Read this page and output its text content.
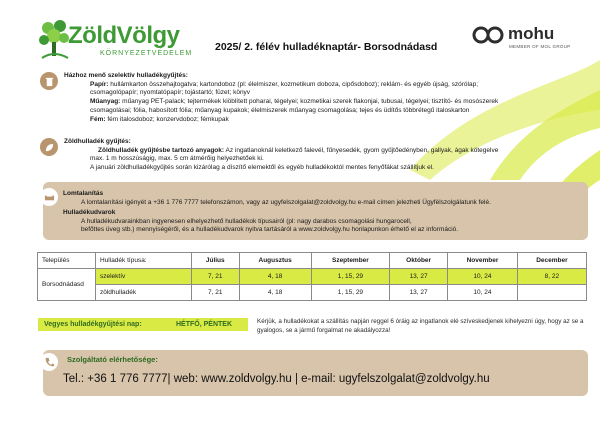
ZöldVölgy
KÖRNYEZETVÉDELEM
2025/ 2. félév hulladéknaptár- Borsodnádasd
mohu
MEMBER OF MOL GROUP
Házhoz menő szelektív hulladékgyűjtés:
Papír: hullámkarton összehajtogatva; kartondoboz (pl: élelmiszer, kozmetikum doboza, cipősdoboz); reklám- és egyéb újság, szórólap;
csomagolópapír; nyomtatópapír; tojástartó; füzet; könyv
Műanyag: műanyag PET-palack; tejtermékek kiöblített poharai, tégelyei; kozmetikai szerek flakonjai, tubusai, tégelyei; tisztító- és mosószerek
csomagolásai; fólia, habosított fólia; műanyag kupakok; élelmiszerek műanyag csomagolása; tejes és üdítős többrétegű italoskarton
Fém: fém italosdoboz; konzervdoboz; fémkupak
Zöldhulladék gyűjtés:
Zöldhulladék gyűjtésbe tartozó anyagok: Az ingatlanoknál keletkező falevél, fűnyesedék, gyom gyűjtőedényben, gallyak, ágak kötegelve
max. 1 m hosszúságig, max. 5 cm átmérőig helyezhetőek ki.
A januári zöldhulladékgyűjtés során kizárólag a díszítő elemektől és egyéb hulladékoktól mentes fenyőfákat szállítjuk el.
Lomtalanítás
A lomtalanítási igényét a +36 1 776 7777 telefonszámon, vagy az ugyfelszolgalat@zoldvolgy.hu e-mail címen jelezheti Ügyfélszolgálatunk felé.
Hulladékudvarok
A hulladékudvarainkban ingyenesen elhelyezhető hulladékok típusairól (pl: nagy darabos csomagolási hungarocell,
befőttes üveg stb.) mennyiségéről, és a hulladékudvarok nyitva tartásáról a www.zoldvolgy.hu honlapunkon érhető el az információ.
Település	Hulladék típusa:	Július	Augusztus	Szeptember	Október	November	December
Borsodnádasd	szelektív	7, 21	4, 18	1, 15, 29	13, 27	10, 24	8, 22
	zöldhulladék	7, 21	4, 18	1, 15, 29	13, 27	10, 24	
Vegyes hulladékgyűjtési nap:	HÉTFŐ, PÉNTEK	Kérjük, a hulladékokat a szállítás napján reggel 6 óráig az ingatlanok elé szíveskedjenek kihelyezni úgy, hogy az se a gyalogos, se a jármű forgalmat ne akadályozza!
Szolgáltató elérhetősége:
Tel.: +36 1 776 7777| web: www.zoldvolgy.hu | e-mail: ugyfelszolgalat@zoldvolgy.hu
